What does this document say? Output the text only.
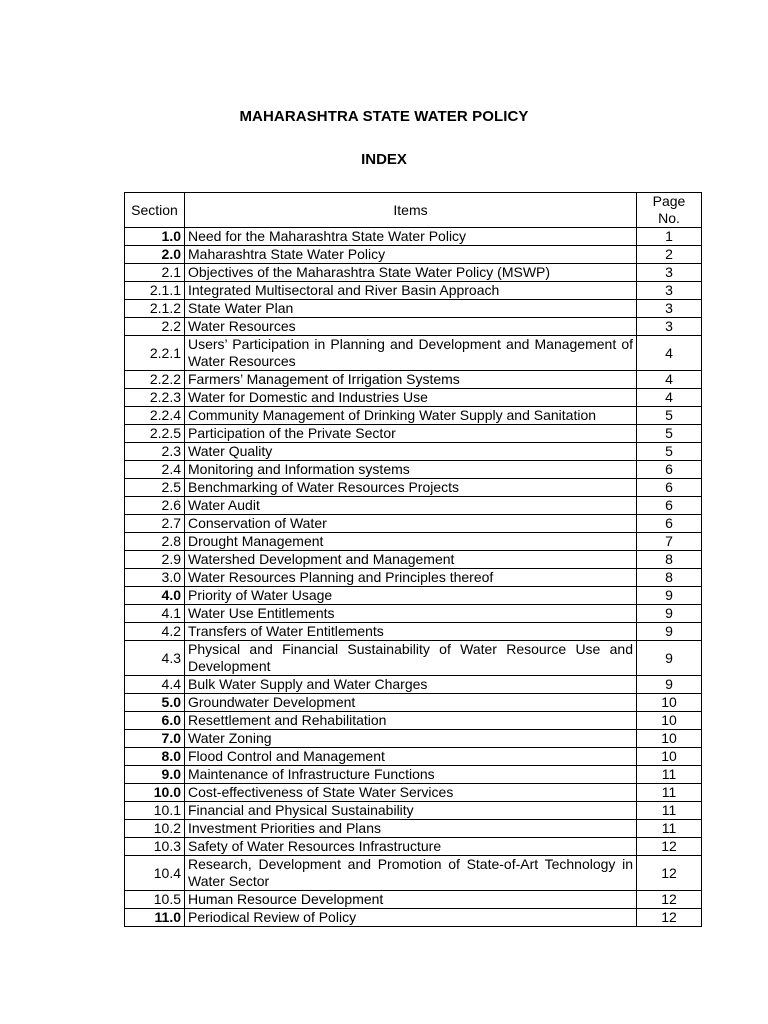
MAHARASHTRA STATE WATER POLICY
INDEX
Section	Items	Page No.
1.0	Need for the Maharashtra State Water Policy	1
2.0	Maharashtra State Water Policy	2
2.1	Objectives of the Maharashtra State Water Policy (MSWP)	3
2.1.1	Integrated Multisectoral and River Basin Approach	3
2.1.2	State Water Plan	3
2.2	Water Resources	3
2.2.1	Users’ Participation in Planning and Development and Management of Water Resources	4
2.2.2	Farmers’ Management of Irrigation Systems	4
2.2.3	Water for Domestic and Industries Use	4
2.2.4	Community Management of Drinking Water Supply and Sanitation	5
2.2.5	Participation of the Private Sector	5
2.3	Water Quality	5
2.4	Monitoring and Information systems	6
2.5	Benchmarking of Water Resources Projects	6
2.6	Water Audit	6
2.7	Conservation of Water	6
2.8	Drought Management	7
2.9	Watershed Development and Management	8
3.0	Water Resources Planning and Principles thereof	8
4.0	Priority of Water Usage	9
4.1	Water Use Entitlements	9
4.2	Transfers of Water Entitlements	9
4.3	Physical and Financial Sustainability of Water Resource Use and Development	9
4.4	Bulk Water Supply and Water Charges	9
5.0	Groundwater Development	10
6.0	Resettlement and Rehabilitation	10
7.0	Water Zoning	10
8.0	Flood Control and Management	10
9.0	Maintenance of Infrastructure Functions	11
10.0	Cost-effectiveness of State Water Services	11
10.1	Financial and Physical Sustainability	11
10.2	Investment Priorities and Plans	11
10.3	Safety of Water Resources Infrastructure	12
10.4	Research, Development and Promotion of State-of-Art Technology in Water Sector	12
10.5	Human Resource Development	12
11.0	Periodical Review of Policy	12
